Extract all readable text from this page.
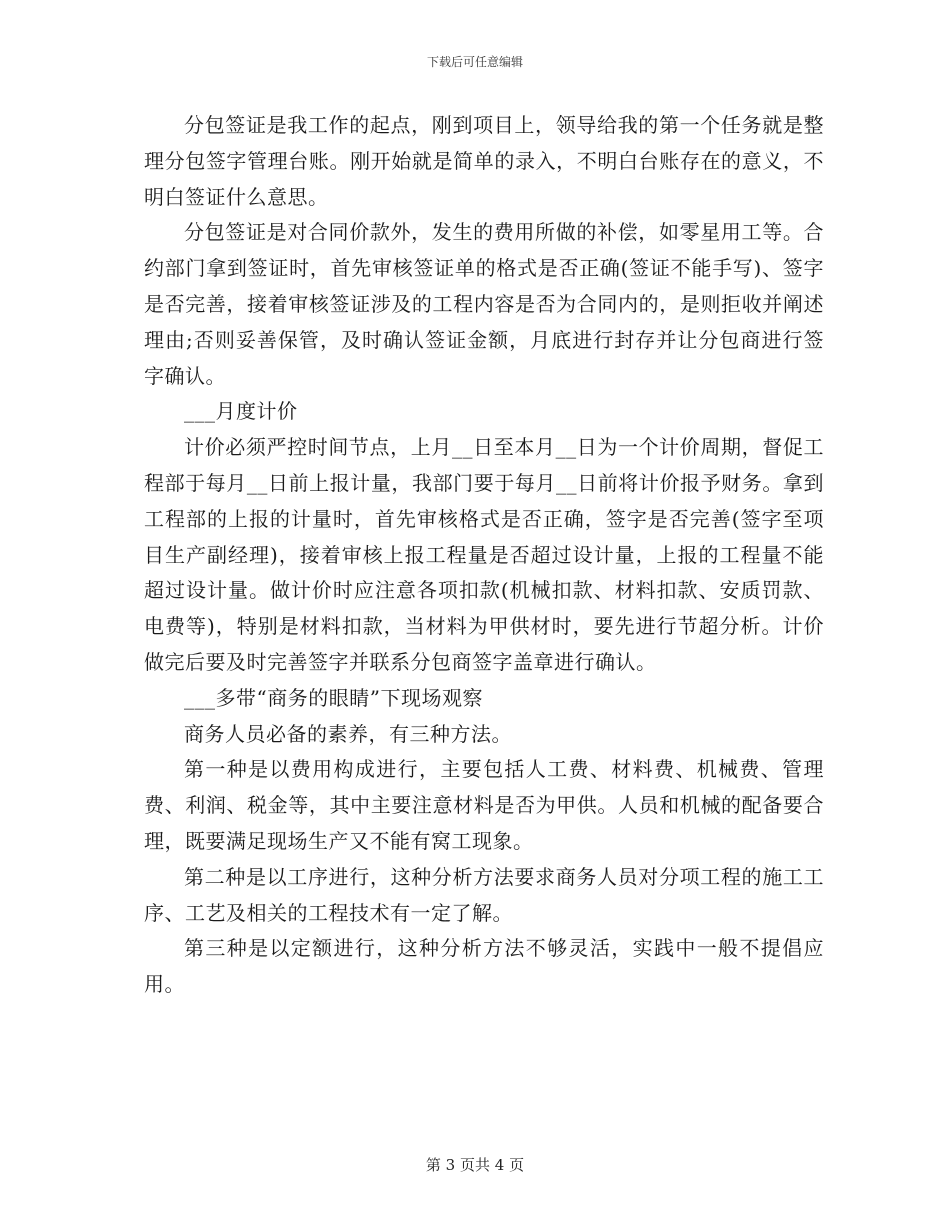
下载后可任意编辑

分包签证是我工作的起点，刚到项目上，领导给我的第一个任务就是整理分包签字管理台账。刚开始就是简单的录入，不明白台账存在的意义，不明白签证什么意思。

分包签证是对合同价款外，发生的费用所做的补偿，如零星用工等。合约部门拿到签证时，首先审核签证单的格式是否正确(签证不能手写)、签字是否完善，接着审核签证涉及的工程内容是否为合同内的，是则拒收并阐述理由;否则妥善保管，及时确认签证金额，月底进行封存并让分包商进行签字确认。

___月度计价

计价必须严控时间节点，上月__日至本月__日为一个计价周期，督促工程部于每月__日前上报计量，我部门要于每月__日前将计价报予财务。拿到工程部的上报的计量时，首先审核格式是否正确，签字是否完善(签字至项目生产副经理)，接着审核上报工程量是否超过设计量，上报的工程量不能超过设计量。做计价时应注意各项扣款(机械扣款、材料扣款、安质罚款、电费等)，特别是材料扣款，当材料为甲供材时，要先进行节超分析。计价做完后要及时完善签字并联系分包商签字盖章进行确认。

___多带“商务的眼睛”下现场观察

商务人员必备的素养，有三种方法。

第一种是以费用构成进行，主要包括人工费、材料费、机械费、管理费、利润、税金等，其中主要注意材料是否为甲供。人员和机械的配备要合理，既要满足现场生产又不能有窝工现象。

第二种是以工序进行，这种分析方法要求商务人员对分项工程的施工工序、工艺及相关的工程技术有一定了解。

第三种是以定额进行，这种分析方法不够灵活，实践中一般不提倡应用。

第 3 页共 4 页
